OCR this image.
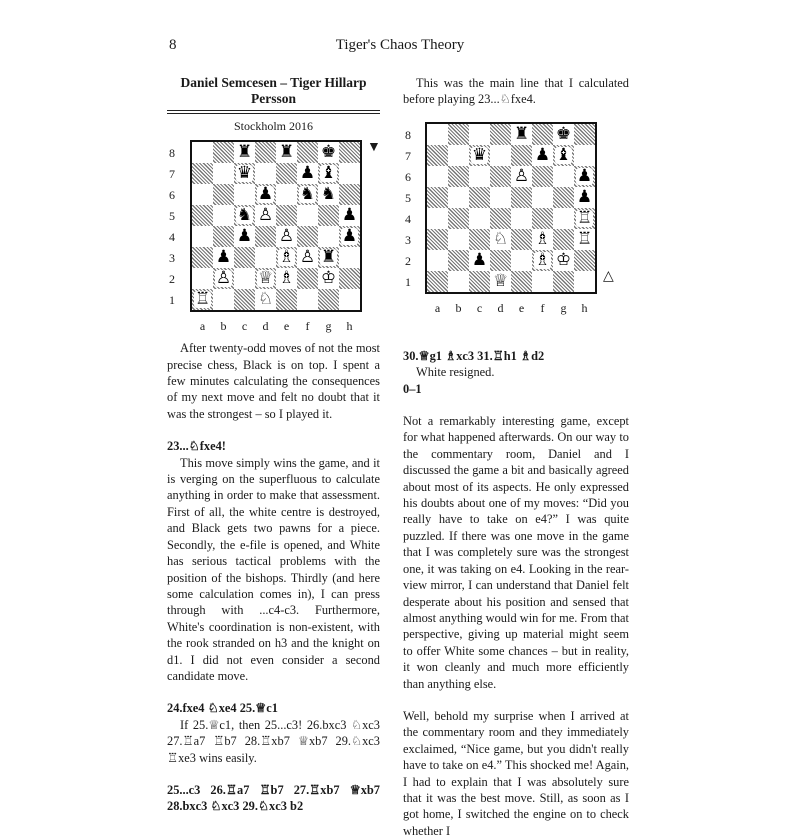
8	Tiger's Chaos Theory
Daniel Semcesen – Tiger Hillarp Persson
Stockholm 2016
8
7
6
5
4
3
2
1
♜ ♜ ♚
♛	♟ ♝
♟ ♞ ♞
♞ ♙	♟
♟ ♙	♟
♟	♗ ♙ ♜
♙ ♕ ♗ ♔
♖	♘
▼
a	b	c	d	e	f	g	h

After twenty-odd moves of not the most precise chess, Black is on top. I spent a few minutes calculating the consequences of my next move and felt no doubt that it was the strongest – so I played it.

23...♘fxe4!

This move simply wins the game, and it is verging on the superfluous to calculate anything in order to make that assessment. First of all, the white centre is destroyed, and Black gets two pawns for a piece. Secondly, the e-file is opened, and White has serious tactical problems with the position of the bishops. Thirdly (and here some calculation comes in), I can press through with ...c4-c3. Furthermore, White's coordination is non-existent, with the rook stranded on h3 and the knight on d1. I did not even consider a second candidate move.

24.fxe4 ♘xe4 25.♕c1

If 25.♕c1, then 25...c3! 26.bxc3 ♘xc3 27.♖a7 ♖b7 28.♖xb7 ♕xb7 29.♘xc3 ♖xe3 wins easily.

25...c3 26.♖a7 ♖b7 27.♖xb7 ♕xb7 28.bxc3 ♘xc3 29.♘xc3 b2

This was the main line that I calculated before playing 23...♘fxe4.

8
7
6
5
4
3
2
1
♜ ♚
♛	♟ ♝
♙	♟
♟
♖
♘ ♗ ♖
♟	♗ ♔
♕	△
a	b	c	d	e	f	g	h

30.♕g1 ♗xc3 31.♖h1 ♗d2

White resigned.

0–1

Not a remarkably interesting game, except for what happened afterwards. On our way to the commentary room, Daniel and I discussed the game a bit and basically agreed about most of its aspects. He only expressed his doubts about one of my moves: “Did you really have to take on e4?” I was quite puzzled. If there was one move in the game that I was completely sure was the strongest one, it was taking on e4. Looking in the rear-view mirror, I can understand that Daniel felt desperate about his position and sensed that almost anything would win for me. From that perspective, giving up material might seem to offer White some chances – but in reality, it won cleanly and much more efficiently than anything else.

Well, behold my surprise when I arrived at the commentary room and they immediately exclaimed, “Nice game, but you didn't really have to take on e4.” This shocked me! Again, I had to explain that I was absolutely sure that it was the best move. Still, as soon as I got home, I switched the engine on to check whether I
